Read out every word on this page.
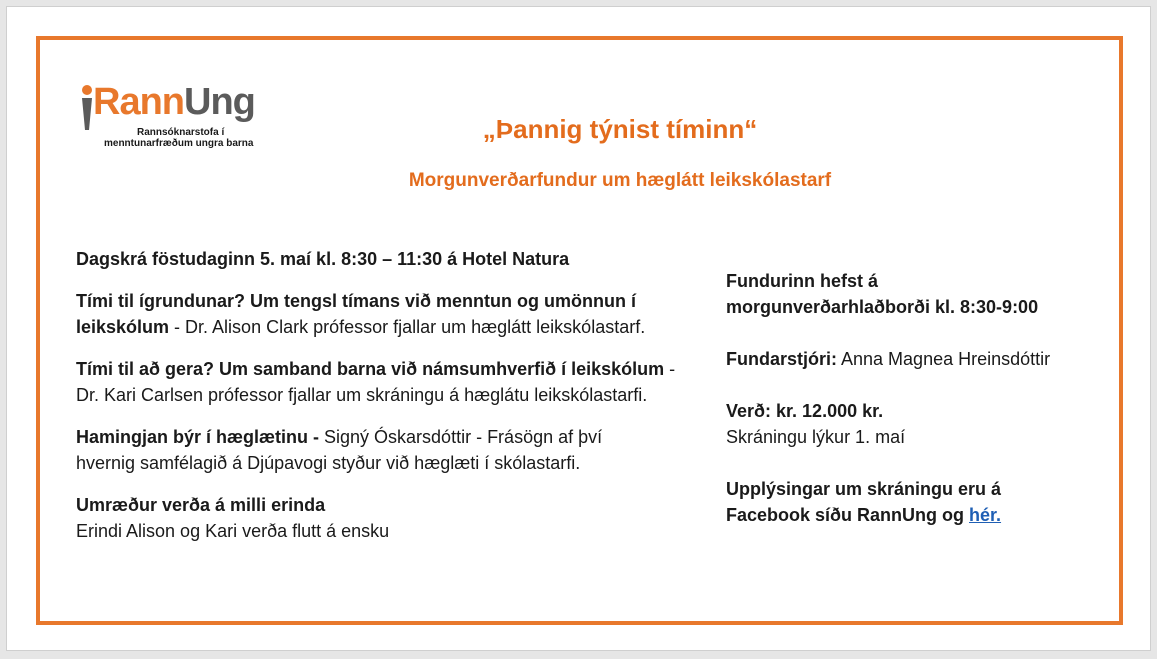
RannUng
Rannsóknarstofa í
menntunarfræðum ungra barna	„Þannig týnist tíminn“
Morgunverðarfundur um hæglátt leikskólastarf

Dagskrá föstudaginn 5. maí kl. 8:30 – 11:30 á Hotel Natura

Tími til ígrundunar? Um tengsl tímans við menntun og umönnun í leikskólum - Dr. Alison Clark prófessor fjallar um hæglátt leikskólastarf.

Tími til að gera? Um samband barna við námsumhverfið í leikskólum - Dr. Kari Carlsen prófessor fjallar um skráningu á hæglátu leikskólastarfi.

Hamingjan býr í hæglætinu - Signý Óskarsdóttir - Frásögn af því hvernig samfélagið á Djúpavogi styður við hæglæti í skólastarfi.

Umræður verða á milli erinda

Erindi Alison og Kari verða flutt á ensku

Fundurinn hefst á morgunverðarhlaðborði kl. 8:30-9:00

Fundarstjóri: Anna Magnea Hreinsdóttir

Verð: kr. 12.000 kr.

Skráningu lýkur 1. maí

Upplýsingar um skráningu eru á Facebook síðu RannUng og hér.
